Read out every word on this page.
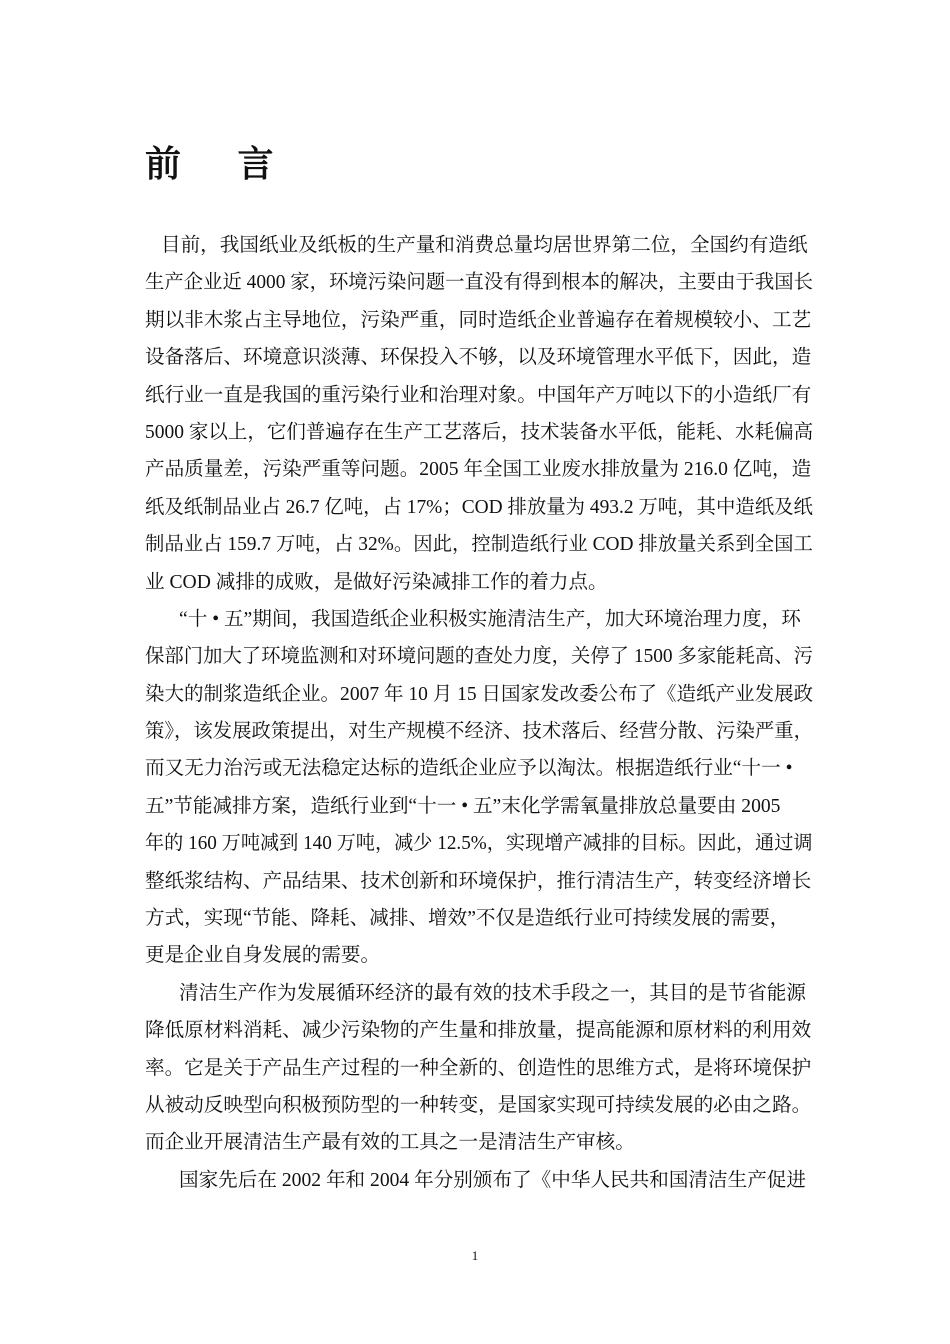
前 言
目前，我国纸业及纸板的生产量和消费总量均居世界第二位，全国约有造纸
生产企业近 4000 家，环境污染问题一直没有得到根本的解决，主要由于我国长
期以非木浆占主导地位，污染严重，同时造纸企业普遍存在着规模较小、工艺
设备落后、环境意识淡薄、环保投入不够，以及环境管理水平低下，因此，造
纸行业一直是我国的重污染行业和治理对象。中国年产万吨以下的小造纸厂有
5000 家以上，它们普遍存在生产工艺落后，技术装备水平低，能耗、水耗偏高
产品质量差，污染严重等问题。2005 年全国工业废水排放量为 216.0 亿吨，造
纸及纸制品业占 26.7 亿吨，占 17%；COD 排放量为 493.2 万吨，其中造纸及纸
制品业占 159.7 万吨，占 32%。因此，控制造纸行业 COD 排放量关系到全国工
业 COD 减排的成败，是做好污染减排工作的着力点。
“十 • 五”期间，我国造纸企业积极实施清洁生产，加大环境治理力度，环
保部门加大了环境监测和对环境问题的查处力度，关停了 1500 多家能耗高、污
染大的制浆造纸企业。2007 年 10 月 15 日国家发改委公布了《造纸产业发展政
策》，该发展政策提出，对生产规模不经济、技术落后、经营分散、污染严重，
而又无力治污或无法稳定达标的造纸企业应予以淘汰。根据造纸行业“十一 •
五”节能减排方案，造纸行业到“十一 • 五”末化学需氧量排放总量要由 2005
年的 160 万吨减到 140 万吨，减少 12.5%，实现增产减排的目标。因此，通过调
整纸浆结构、产品结果、技术创新和环境保护，推行清洁生产，转变经济增长
方式，实现“节能、降耗、减排、增效”不仅是造纸行业可持续发展的需要，
更是企业自身发展的需要。
清洁生产作为发展循环经济的最有效的技术手段之一，其目的是节省能源
降低原材料消耗、减少污染物的产生量和排放量，提高能源和原材料的利用效
率。它是关于产品生产过程的一种全新的、创造性的思维方式，是将环境保护
从被动反映型向积极预防型的一种转变，是国家实现可持续发展的必由之路。
而企业开展清洁生产最有效的工具之一是清洁生产审核。
国家先后在 2002 年和 2004 年分别颁布了《中华人民共和国清洁生产促进
1
